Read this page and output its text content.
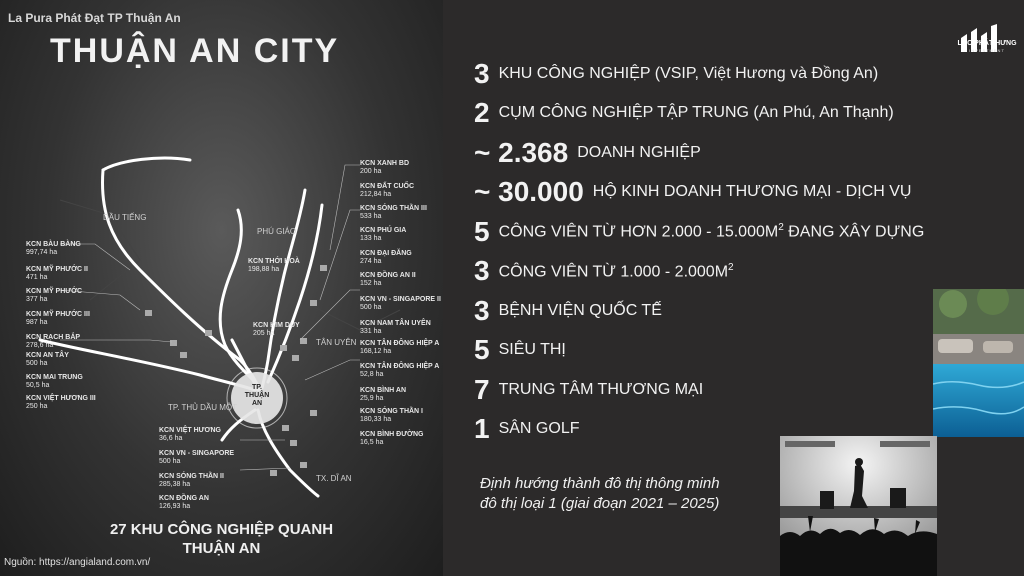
La Pura Phát Đạt TP Thuận An
THUẬN AN CITY
TP.
THUẬN
AN
DẦU TIẾNG
PHÚ GIÁO
TÂN UYÊN
TP. THỦ DẦU MỘT
TX. DĨ AN
KCN BÀU BÀNG
997,74 ha
KCN MỸ PHƯỚC II
471 ha
KCN MỸ PHƯỚC
377 ha
KCN MỸ PHƯỚC III
987 ha
KCN RẠCH BẮP
278,6 ha
KCN AN TÂY
500 ha
KCN MAI TRUNG
50,5 ha
KCN VIỆT HƯƠNG III
250 ha
KCN XANH BD
200 ha
KCN ĐẤT CUỐC
212,84 ha
KCN SÓNG THẦN III
533 ha
KCN PHÚ GIA
133 ha
KCN ĐẠI ĐĂNG
274 ha
KCN ĐỒNG AN II
152 ha
KCN VN - SINGAPORE II
500 ha
KCN NAM TÂN UYÊN
331 ha
KCN TÂN ĐÔNG HIỆP A
168,12 ha
KCN TÂN ĐÔNG HIỆP A
52,8 ha
KCN BÌNH AN
25,9 ha
KCN SÓNG THẦN I
180,33 ha
KCN BÌNH ĐƯỜNG
16,5 ha
KCN VIỆT HƯƠNG
36,6 ha
KCN VN - SINGAPORE
500 ha
KCN SÓNG THẦN II
285,38 ha
KCN ĐỒNG AN
126,93 ha
KCN THỚI HOÀ
198,88 ha
KCN KIM DUY
205 ha
27 KHU CÔNG NGHIỆP QUANH
THUẬN AN
Nguồn: https://angialand.com.vn/
LỘC PHÁT HƯNG
INVESTMENT
3 KHU CÔNG NGHIỆP (VSIP, Việt Hương và Đồng An)
2 CỤM CÔNG NGHIỆP TẬP TRUNG (An Phú, An Thạnh)
~ 2.368 DOANH NGHIỆP
~ 30.000 HỘ KINH DOANH THƯƠNG MẠI - DỊCH VỤ
5 CÔNG VIÊN TỪ HƠN $2.000 - 15.000M^2$ ĐANG XÂY DỰNG
3 CÔNG VIÊN TỪ $1.000 - 2.000M^2$
3 BỆNH VIỆN QUỐC TẾ
5 SIÊU THỊ
7 TRUNG TÂM THƯƠNG MẠI
1 SÂN GOLF
Định hướng thành đô thị thông minh
đô thị loại 1 (giai đoạn 2021 – 2025)
